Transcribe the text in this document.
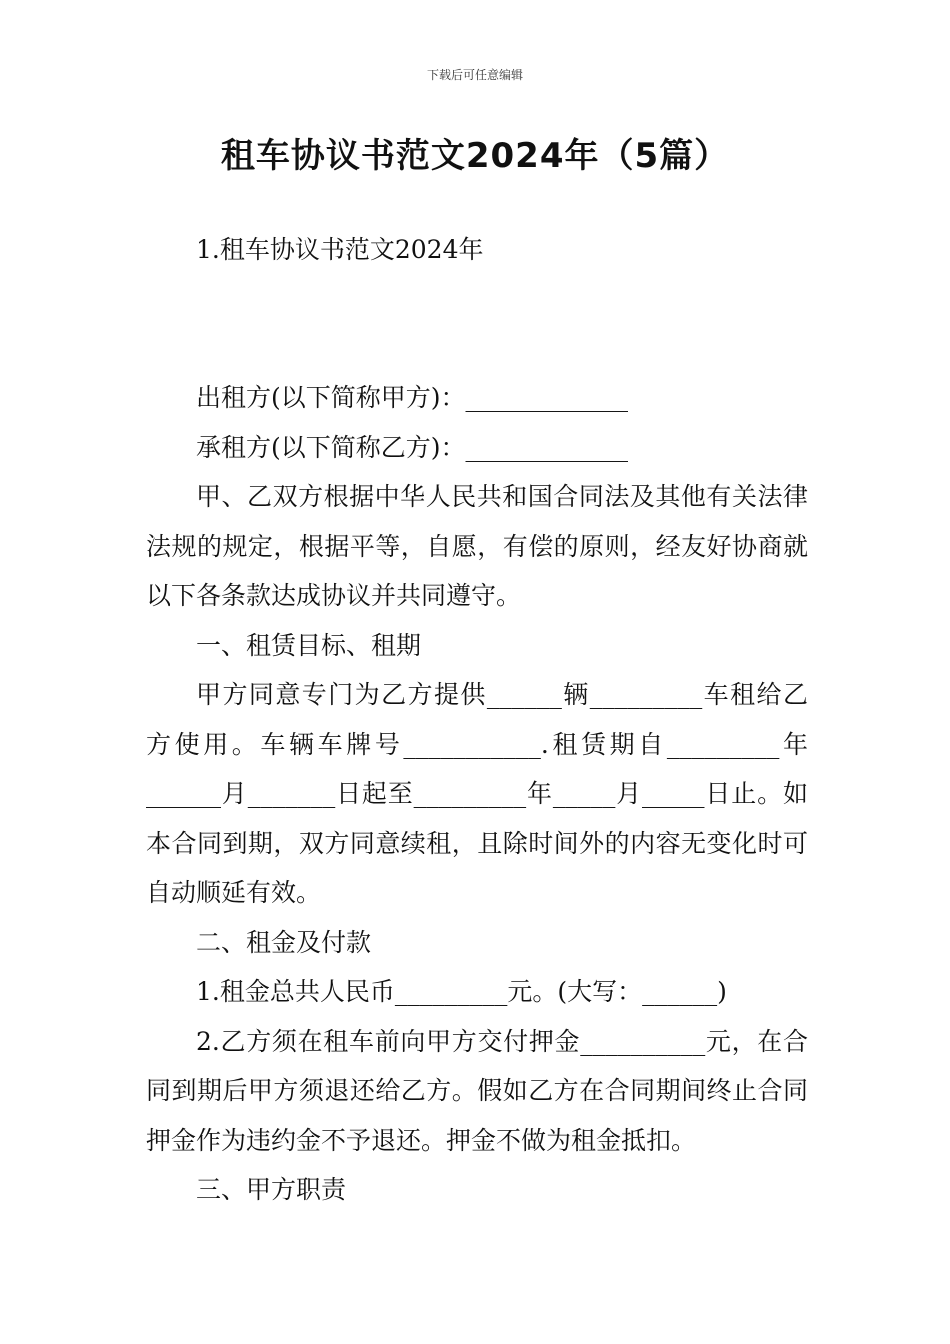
下载后可任意编辑
租车协议书范文2024年（5篇）
1.租车协议书范文2024年

出租方(以下简称甲方)：_____________

承租方(以下简称乙方)：_____________

甲、乙双方根据中华人民共和国合同法及其他有关法律法规的规定，根据平等，自愿，有偿的原则，经友好协商就以下各条款达成协议并共同遵守。

一、租赁目标、租期

甲方同意专门为乙方提供______辆_________车租给乙方使用。车辆车牌号___________.租赁期自_________年______月_______日起至_________年_____月_____日止。如本合同到期，双方同意续租，且除时间外的内容无变化时可自动顺延有效。

二、租金及付款

1.租金总共人民币_________元。(大写：______)

2.乙方须在租车前向甲方交付押金__________元，在合同到期后甲方须退还给乙方。假如乙方在合同期间终止合同押金作为违约金不予退还。押金不做为租金抵扣。

三、甲方职责
